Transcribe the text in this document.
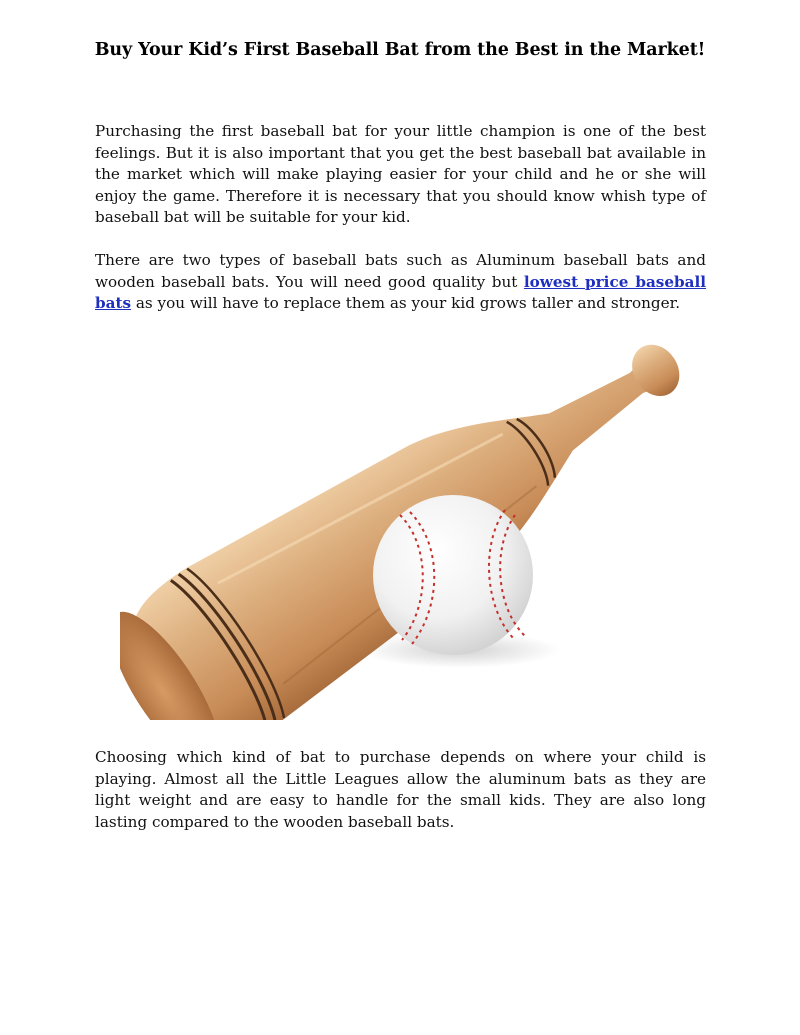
Buy Your Kid’s First Baseball Bat from the Best in the Market!

Purchasing the first baseball bat for your little champion is one of the best feelings. But it is also important that you get the best baseball bat available in the market which will make playing easier for your child and he or she will enjoy the game. Therefore it is necessary that you should know whish type of baseball bat will be suitable for your kid.

There are two types of baseball bats such as Aluminum baseball bats and wooden baseball bats. You will need good quality but lowest price baseball bats as you will have to replace them as your kid grows taller and stronger.

Choosing which kind of bat to purchase depends on where your child is playing. Almost all the Little Leagues allow the aluminum bats as they are light weight and are easy to handle for the small kids. They are also long lasting compared to the wooden baseball bats.
